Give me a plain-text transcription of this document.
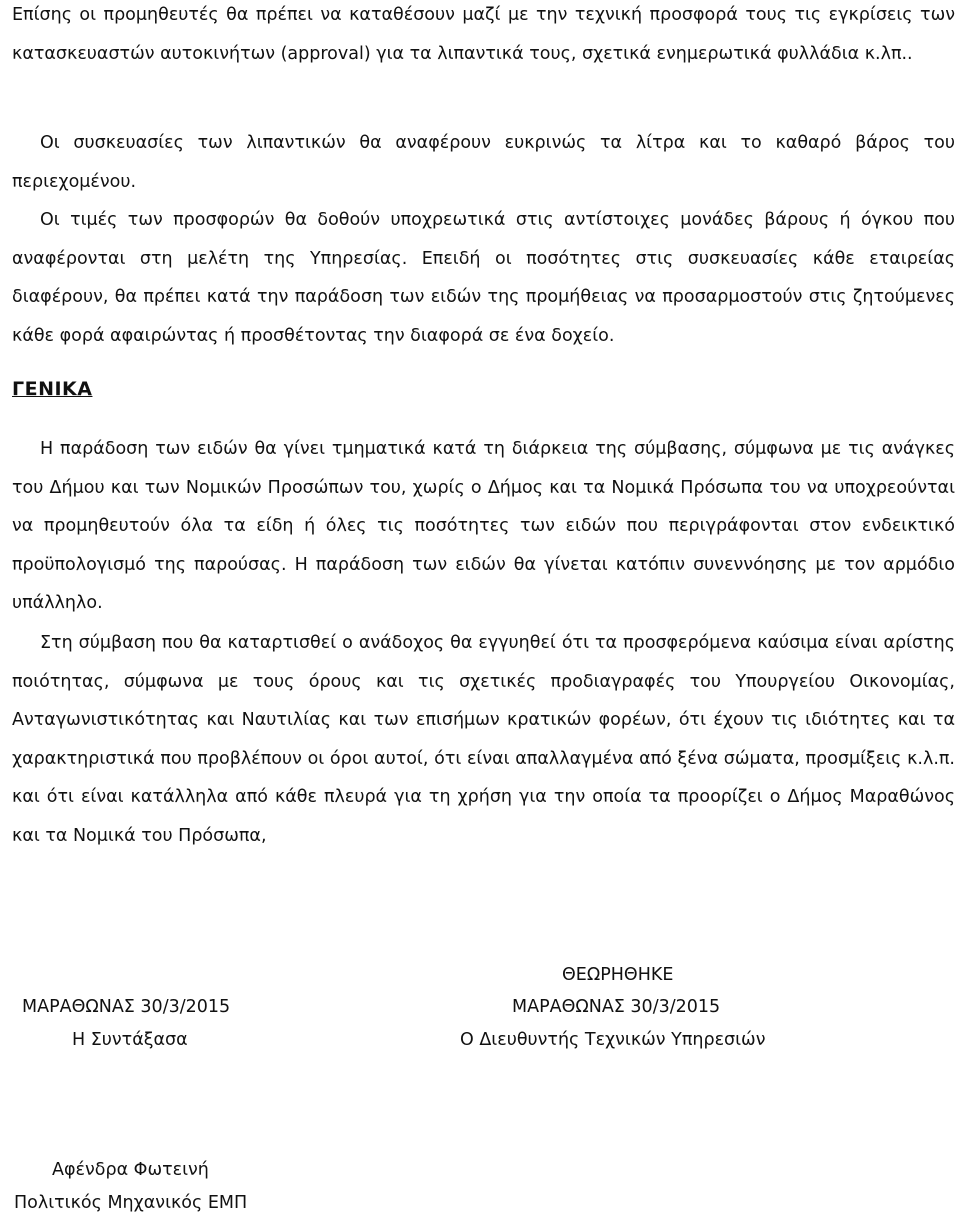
Επίσης οι προμηθευτές θα πρέπει να καταθέσουν μαζί με την τεχνική προσφορά τους τις εγκρίσεις των κατασκευαστών αυτοκινήτων (approval) για τα λιπαντικά τους, σχετικά ενημερωτικά φυλλάδια κ.λπ..

Οι συσκευασίες των λιπαντικών θα αναφέρουν ευκρινώς τα λίτρα και το καθαρό βάρος του περιεχομένου.

Οι τιμές των προσφορών θα δοθούν υποχρεωτικά στις αντίστοιχες μονάδες βάρους ή όγκου που αναφέρονται στη μελέτη της Υπηρεσίας. Επειδή οι ποσότητες στις συσκευασίες κάθε εταιρείας διαφέρουν, θα πρέπει κατά την παράδοση των ειδών της προμήθειας να προσαρμοστούν στις ζητούμενες κάθε φορά αφαιρώντας ή προσθέτοντας την διαφορά σε ένα δοχείο.

ΓΕΝΙΚΑ

Η παράδοση των ειδών θα γίνει τμηματικά κατά τη διάρκεια της σύμβασης, σύμφωνα με τις ανάγκες του Δήμου και των Νομικών Προσώπων του, χωρίς ο Δήμος και τα Νομικά Πρόσωπα του να υποχρεούνται να προμηθευτούν όλα τα είδη ή όλες τις ποσότητες των ειδών που περιγράφονται στον ενδεικτικό προϋπολογισμό της παρούσας. Η παράδοση των ειδών θα γίνεται κατόπιν συνεννόησης με τον αρμόδιο υπάλληλο.

Στη σύμβαση που θα καταρτισθεί ο ανάδοχος θα εγγυηθεί ότι τα προσφερόμενα καύσιμα είναι αρίστης ποιότητας, σύμφωνα με τους όρους και τις σχετικές προδιαγραφές του Υπουργείου Οικονομίας, Ανταγωνιστικότητας και Ναυτιλίας και των επισήμων κρατικών φορέων, ότι έχουν τις ιδιότητες και τα χαρακτηριστικά που προβλέπουν οι όροι αυτοί, ότι είναι απαλλαγμένα από ξένα σώματα, προσμίξεις κ.λ.π. και ότι είναι κατάλληλα από κάθε πλευρά για τη χρήση για την οποία τα προορίζει ο Δήμος Μαραθώνος και τα Νομικά του Πρόσωπα,

ΘΕΩΡΗΘΗΚΕ

ΜΑΡΑΘΩΝΑΣ 30/3/2015	ΜΑΡΑΘΩΝΑΣ 30/3/2015

Η Συντάξασα	Ο Διευθυντής Τεχνικών Υπηρεσιών

Αφένδρα Φωτεινή

Πολιτικός Μηχανικός ΕΜΠ
